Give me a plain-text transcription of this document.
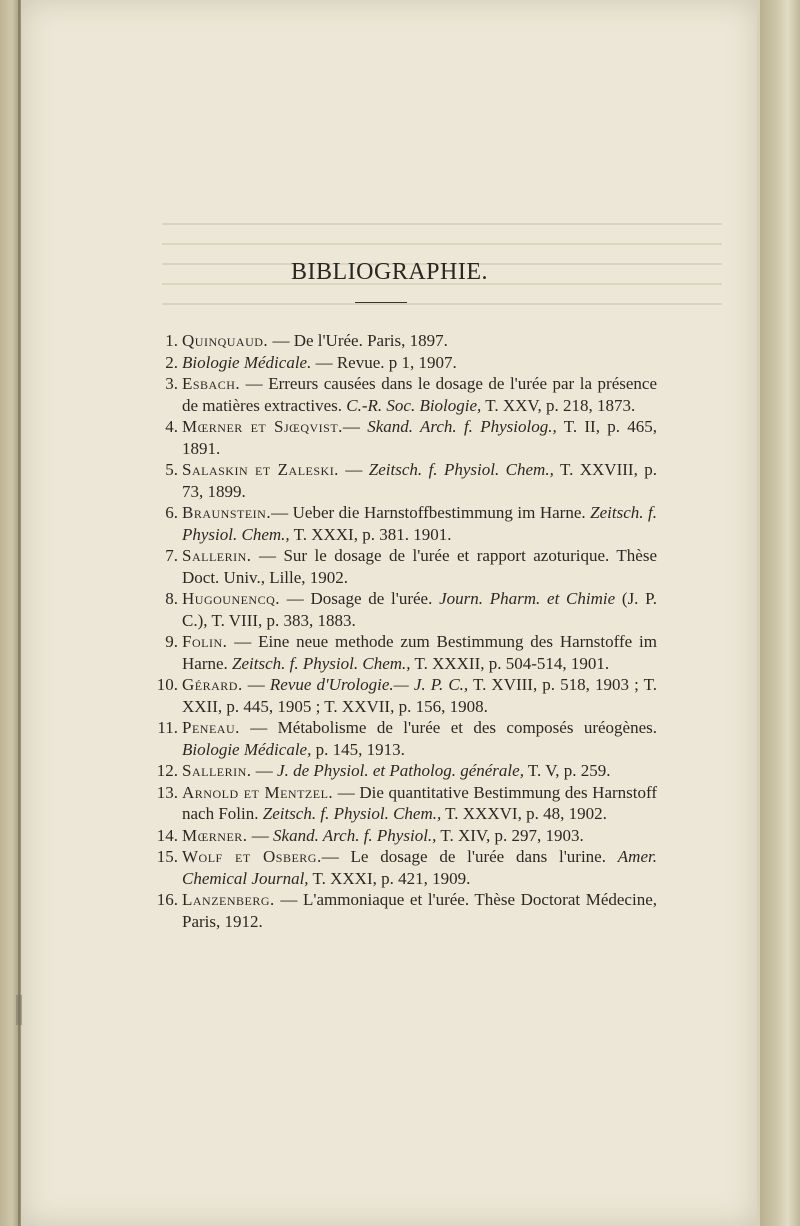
BIBLIOGRAPHIE.
1. Quinquaud. — De l'Urée. Paris, 1897.
2. Biologie Médicale. — Revue. p 1, 1907.
3. Esbach. — Erreurs causées dans le dosage de l'urée par la présence de matières extractives. C.-R. Soc. Biologie, T. XXV, p. 218, 1873.
4. Mœrner et Sjœqvist.— Skand. Arch. f. Physiolog., T. II, p. 465, 1891.
5. Salaskin et Zaleski. — Zeitsch. f. Physiol. Chem., T. XXVIII, p. 73, 1899.
6. Braunstein.— Ueber die Harnstoffbestimmung im Harne. Zeitsch. f. Physiol. Chem., T. XXXI, p. 381. 1901.
7. Sallerin. — Sur le dosage de l'urée et rapport azoturique. Thèse Doct. Univ., Lille, 1902.
8. Hugounencq. — Dosage de l'urée. Journ. Pharm. et Chimie (J. P. C.), T. VIII, p. 383, 1883.
9. Folin. — Eine neue methode zum Bestimmung des Harnstoffe im Harne. Zeitsch. f. Physiol. Chem., T. XXXII, p. 504-514, 1901.
10. Gérard. — Revue d'Urologie.— J. P. C., T. XVIII, p. 518, 1903 ; T. XXII, p. 445, 1905 ; T. XXVII, p. 156, 1908.
11. Peneau. — Métabolisme de l'urée et des composés uréogènes. Biologie Médicale, p. 145, 1913.
12. Sallerin. — J. de Physiol. et Patholog. générale, T. V, p. 259.
13. Arnold et Mentzel. — Die quantitative Bestimmung des Harnstoff nach Folin. Zeitsch. f. Physiol. Chem., T. XXXVI, p. 48, 1902.
14. Mœrner. — Skand. Arch. f. Physiol., T. XIV, p. 297, 1903.
15. Wolf et Osberg.— Le dosage de l'urée dans l'urine. Amer. Chemical Journal, T. XXXI, p. 421, 1909.
16. Lanzenberg. — L'ammoniaque et l'urée. Thèse Doctorat Médecine, Paris, 1912.
